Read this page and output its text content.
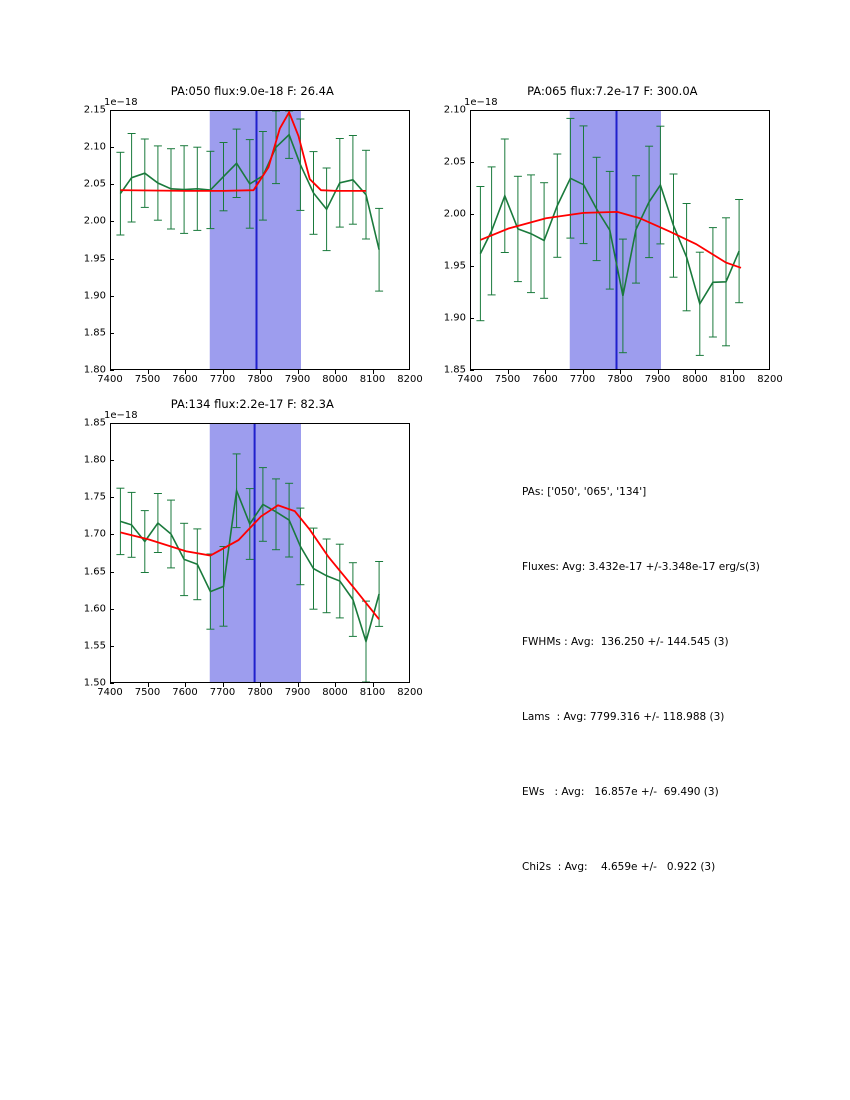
PA:050 flux:9.0e-18 F: 26.4A

1e−18
1.80
1.85
1.90
1.95
2.00
2.05
2.10
2.15
7400 7500 7600 7700 7800 7900 8000 8100 8200

PA:065 flux:7.2e-17 F: 300.0A

1e−18
1.85
1.90
1.95
2.00
2.05
2.10
7400 7500 7600 7700 7800 7900 8000 8100 8200

PA:134 flux:2.2e-17 F: 82.3A

1e−18
1.50
1.55
1.60
1.65
1.70
1.75
1.80
1.85
7400 7500 7600 7700 7800 7900 8000 8100 8200

PAs: ['050', '065', '134']

Fluxes: Avg: 3.432e-17 +/-3.348e-17 erg/s(3)

FWHMs : Avg:  136.250 +/- 144.545 (3)

Lams  : Avg: 7799.316 +/- 118.988 (3)

EWs   : Avg:   16.857e +/-  69.490 (3)

Chi2s  : Avg:    4.659e +/-   0.922 (3)
